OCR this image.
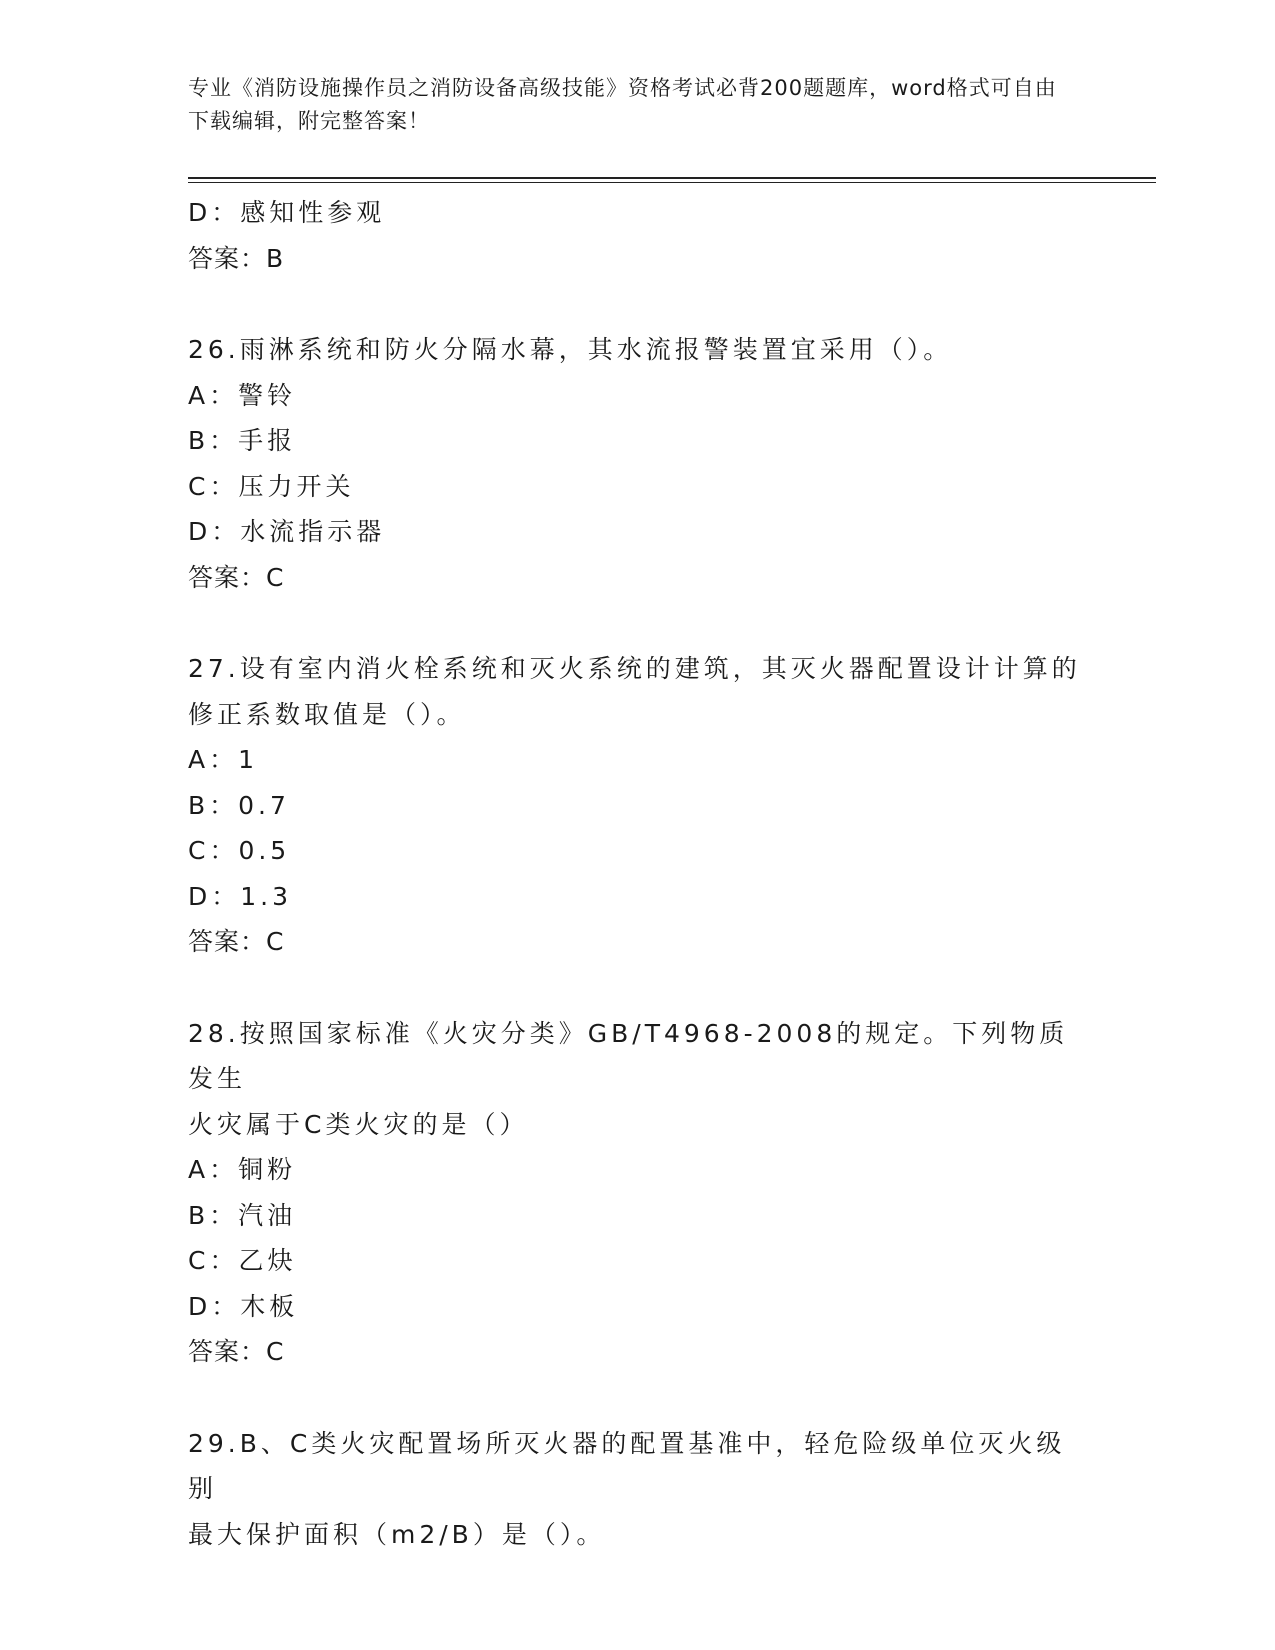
专业《消防设施操作员之消防设备高级技能》资格考试必背200题题库，word格式可自由下载编辑，附完整答案！
D：感知性参观
答案：B
26.雨淋系统和防火分隔水幕，其水流报警装置宜采用（）。
A：警铃
B：手报
C：压力开关
D：水流指示器
答案：C
27.设有室内消火栓系统和灭火系统的建筑，其灭火器配置设计计算的
修正系数取值是（）。
A：1
B：0.7
C：0.5
D：1.3
答案：C
28.按照国家标准《火灾分类》GB/T4968-2008的规定。下列物质发生
火灾属于C类火灾的是（）
A：铜粉
B：汽油
C：乙炔
D：木板
答案：C
29.B、C类火灾配置场所灭火器的配置基准中，轻危险级单位灭火级别
最大保护面积（m2/B）是（）。
